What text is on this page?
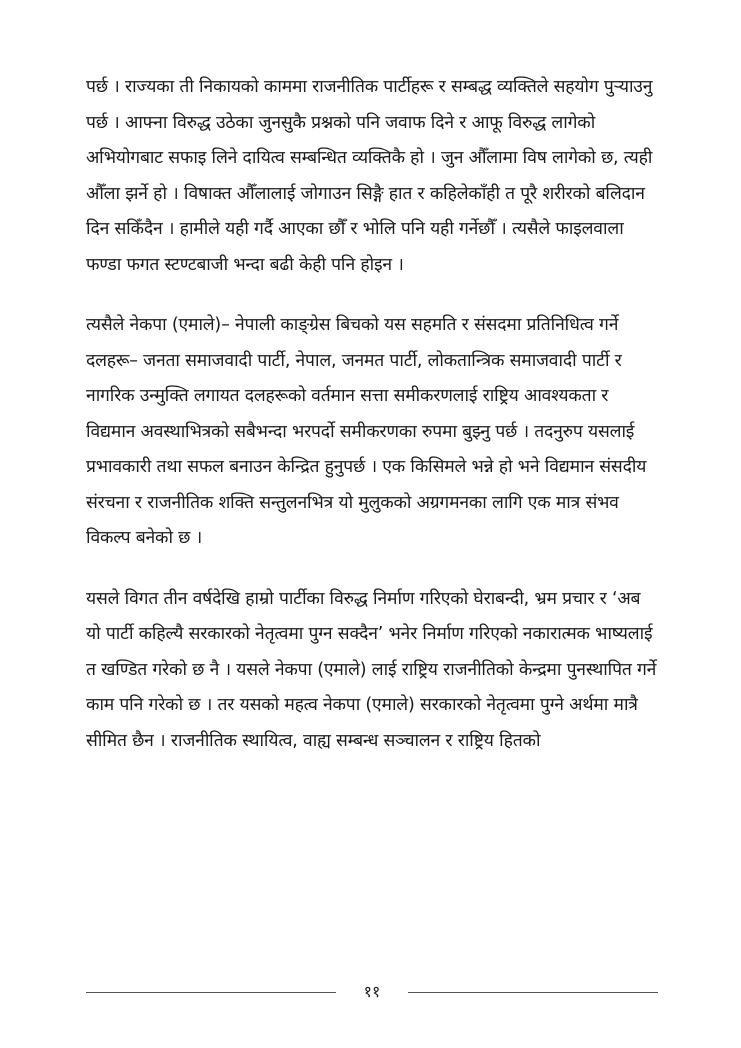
पर्छ । राज्यका ती निकायको काममा राजनीतिक पार्टीहरू र सम्बद्ध व्यक्तिले सहयोग पुऱ्याउनु पर्छ । आफ्ना विरुद्ध उठेका जुनसुकै प्रश्नको पनि जवाफ दिने र आफू विरुद्ध लागेको अभियोगबाट सफाइ लिने दायित्व सम्बन्धित व्यक्तिकै हो । जुन औँलामा विष लागेको छ, त्यही औँला झर्ने हो । विषाक्त औँलालाई जोगाउन सिङ्गै हात र कहिलेकाँही त पूरै शरीरको बलिदान दिन सकिँदैन । हामीले यही गर्दै आएका छौँ र भोलि पनि यही गर्नेछौँ । त्यसैले फाइलवाला फण्डा फगत स्टण्टबाजी भन्दा बढी केही पनि होइन ।

त्यसैले नेकपा (एमाले)– नेपाली काङ्ग्रेस बिचको यस सहमति र संसदमा प्रतिनिधित्व गर्ने दलहरू– जनता समाजवादी पार्टी, नेपाल, जनमत पार्टी, लोकतान्त्रिक समाजवादी पार्टी र नागरिक उन्मुक्ति लगायत दलहरूको वर्तमान सत्ता समीकरणलाई राष्ट्रिय आवश्यकता र विद्यमान अवस्थाभित्रको सबैभन्दा भरपर्दो समीकरणका रुपमा बुझ्नु पर्छ । तदनुरुप यसलाई प्रभावकारी तथा सफल बनाउन केन्द्रित हुनुपर्छ । एक किसिमले भन्ने हो भने विद्यमान संसदीय संरचना र राजनीतिक शक्ति सन्तुलनभित्र यो मुलुकको अग्रगमनका लागि एक मात्र संभव विकल्प बनेको छ ।

यसले विगत तीन वर्षदेखि हाम्रो पार्टीका विरुद्ध निर्माण गरिएको घेराबन्दी, भ्रम प्रचार र ‘अब यो पार्टी कहिल्यै सरकारको नेतृत्वमा पुग्न सक्दैन’ भनेर निर्माण गरिएको नकारात्मक भाष्यलाई त खण्डित गरेको छ नै । यसले नेकपा (एमाले) लाई राष्ट्रिय राजनीतिको केन्द्रमा पुनस्थापित गर्ने काम पनि गरेको छ । तर यसको महत्व नेकपा (एमाले) सरकारको नेतृत्वमा पुग्ने अर्थमा मात्रै सीमित छैन । राजनीतिक स्थायित्व, वाह्य सम्बन्ध सञ्चालन र राष्ट्रिय हितको

११
